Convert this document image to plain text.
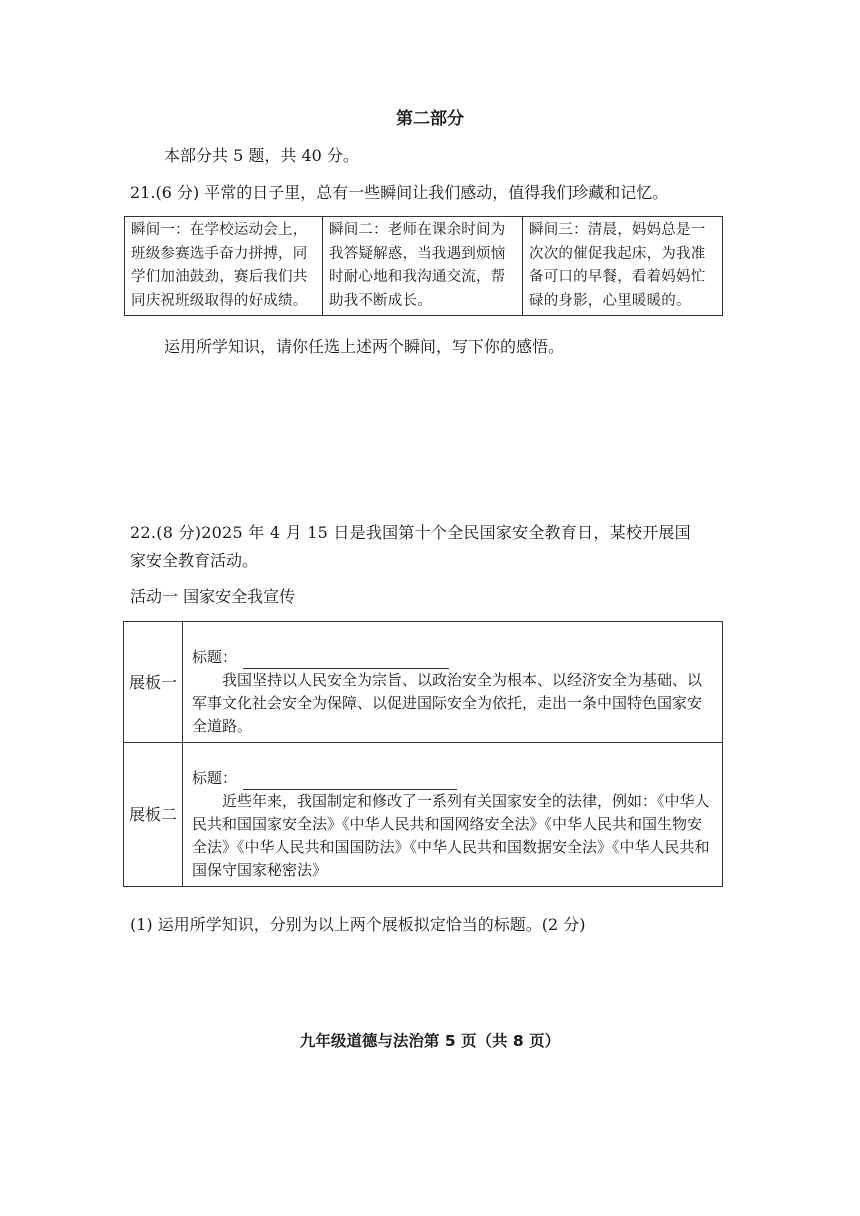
第二部分
本部分共 5 题，共 40 分。
21.(6 分) 平常的日子里，总有一些瞬间让我们感动，值得我们珍藏和记忆。
瞬间一：在学校运动会上，班级参赛选手奋力拼搏，同学们加油鼓劲，赛后我们共同庆祝班级取得的好成绩。	瞬间二：老师在课余时间为我答疑解惑，当我遇到烦恼时耐心地和我沟通交流，帮助我不断成长。	瞬间三：清晨，妈妈总是一次次的催促我起床，为我准备可口的早餐，看着妈妈忙碌的身影，心里暖暖的。
运用所学知识，请你任选上述两个瞬间，写下你的感悟。
22.(8 分)2025 年 4 月 15 日是我国第十个全民国家安全教育日，某校开展国
家安全教育活动。
活动一 国家安全我宣传
展板一	标题：
我国坚持以人民安全为宗旨、以政治安全为根本、以经济安全为基础、以军事文化社会安全为保障、以促进国际安全为依托，走出一条中国特色国家安全道路。

展板二	标题：
近些年来，我国制定和修改了一系列有关国家安全的法律，例如：《中华人民共和国国家安全法》《中华人民共和国网络安全法》《中华人民共和国生物安全法》《中华人民共和国国防法》《中华人民共和国数据安全法》《中华人民共和国保守国家秘密法》
(1) 运用所学知识，分别为以上两个展板拟定恰当的标题。(2 分)
九年级道德与法治第 5 页（共 8 页）
